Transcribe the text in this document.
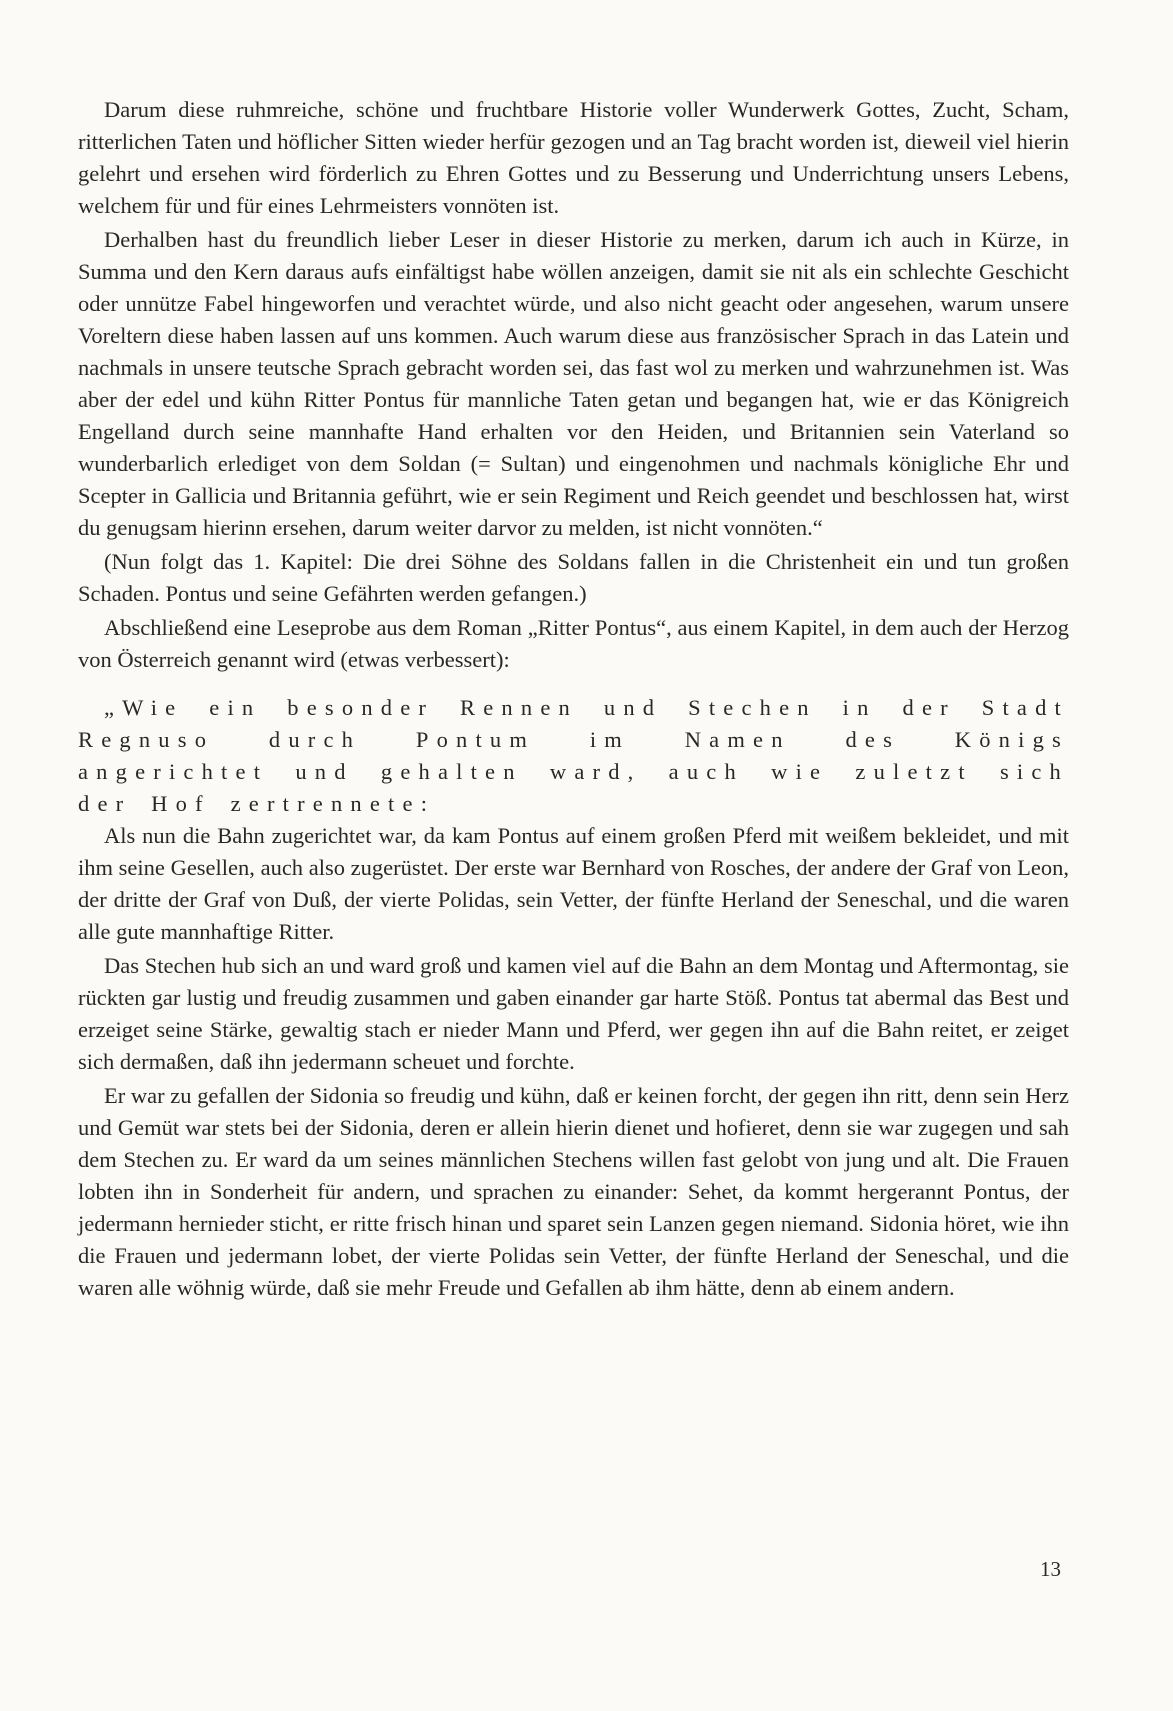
Darum diese ruhmreiche, schöne und fruchtbare Historie voller Wunderwerk Gottes, Zucht, Scham, ritterlichen Taten und höflicher Sitten wieder herfür gezogen und an Tag bracht worden ist, dieweil viel hierin gelehrt und ersehen wird förderlich zu Ehren Gottes und zu Besserung und Underrichtung unsers Lebens, welchem für und für eines Lehrmeisters vonnöten ist.

Derhalben hast du freundlich lieber Leser in dieser Historie zu merken, darum ich auch in Kürze, in Summa und den Kern daraus aufs einfältigst habe wöllen anzeigen, damit sie nit als ein schlechte Geschicht oder unnütze Fabel hingeworfen und verachtet würde, und also nicht geacht oder angesehen, warum unsere Voreltern diese haben lassen auf uns kommen. Auch warum diese aus französischer Sprach in das Latein und nachmals in unsere teutsche Sprach gebracht worden sei, das fast wol zu merken und wahrzunehmen ist. Was aber der edel und kühn Ritter Pontus für mannliche Taten getan und begangen hat, wie er das Königreich Engelland durch seine mannhafte Hand erhalten vor den Heiden, und Britannien sein Vaterland so wunderbarlich erlediget von dem Soldan (= Sultan) und eingenohmen und nachmals königliche Ehr und Scepter in Gallicia und Britannia geführt, wie er sein Regiment und Reich geendet und beschlossen hat, wirst du genugsam hierinn ersehen, darum weiter darvor zu melden, ist nicht vonnöten.“

(Nun folgt das 1. Kapitel: Die drei Söhne des Soldans fallen in die Christenheit ein und tun großen Schaden. Pontus und seine Gefährten werden gefangen.)

Abschließend eine Leseprobe aus dem Roman „Ritter Pontus“, aus einem Kapitel, in dem auch der Herzog von Österreich genannt wird (etwas verbessert):

„Wie ein besonder Rennen und Stechen in der Stadt Regnuso durch Pontum im Namen des Königs angerichtet und gehalten ward, auch wie zuletzt sich der Hof zertrennete:

Als nun die Bahn zugerichtet war, da kam Pontus auf einem großen Pferd mit weißem bekleidet, und mit ihm seine Gesellen, auch also zugerüstet. Der erste war Bernhard von Rosches, der andere der Graf von Leon, der dritte der Graf von Duß, der vierte Polidas, sein Vetter, der fünfte Herland der Seneschal, und die waren alle gute mannhaftige Ritter.

Das Stechen hub sich an und ward groß und kamen viel auf die Bahn an dem Montag und Aftermontag, sie rückten gar lustig und freudig zusammen und gaben einander gar harte Stöß. Pontus tat abermal das Best und erzeiget seine Stärke, gewaltig stach er nieder Mann und Pferd, wer gegen ihn auf die Bahn reitet, er zeiget sich dermaßen, daß ihn jedermann scheuet und forchte.

Er war zu gefallen der Sidonia so freudig und kühn, daß er keinen forcht, der gegen ihn ritt, denn sein Herz und Gemüt war stets bei der Sidonia, deren er allein hierin dienet und hofieret, denn sie war zugegen und sah dem Stechen zu. Er ward da um seines männlichen Stechens willen fast gelobt von jung und alt. Die Frauen lobten ihn in Sonderheit für andern, und sprachen zu einander: Sehet, da kommt hergerannt Pontus, der jedermann hernieder sticht, er ritte frisch hinan und sparet sein Lanzen gegen niemand. Sidonia höret, wie ihn die Frauen und jedermann lobet, der vierte Polidas sein Vetter, der fünfte Herland der Seneschal, und die waren alle wöhnig würde, daß sie mehr Freude und Gefallen ab ihm hätte, denn ab einem andern.

13
